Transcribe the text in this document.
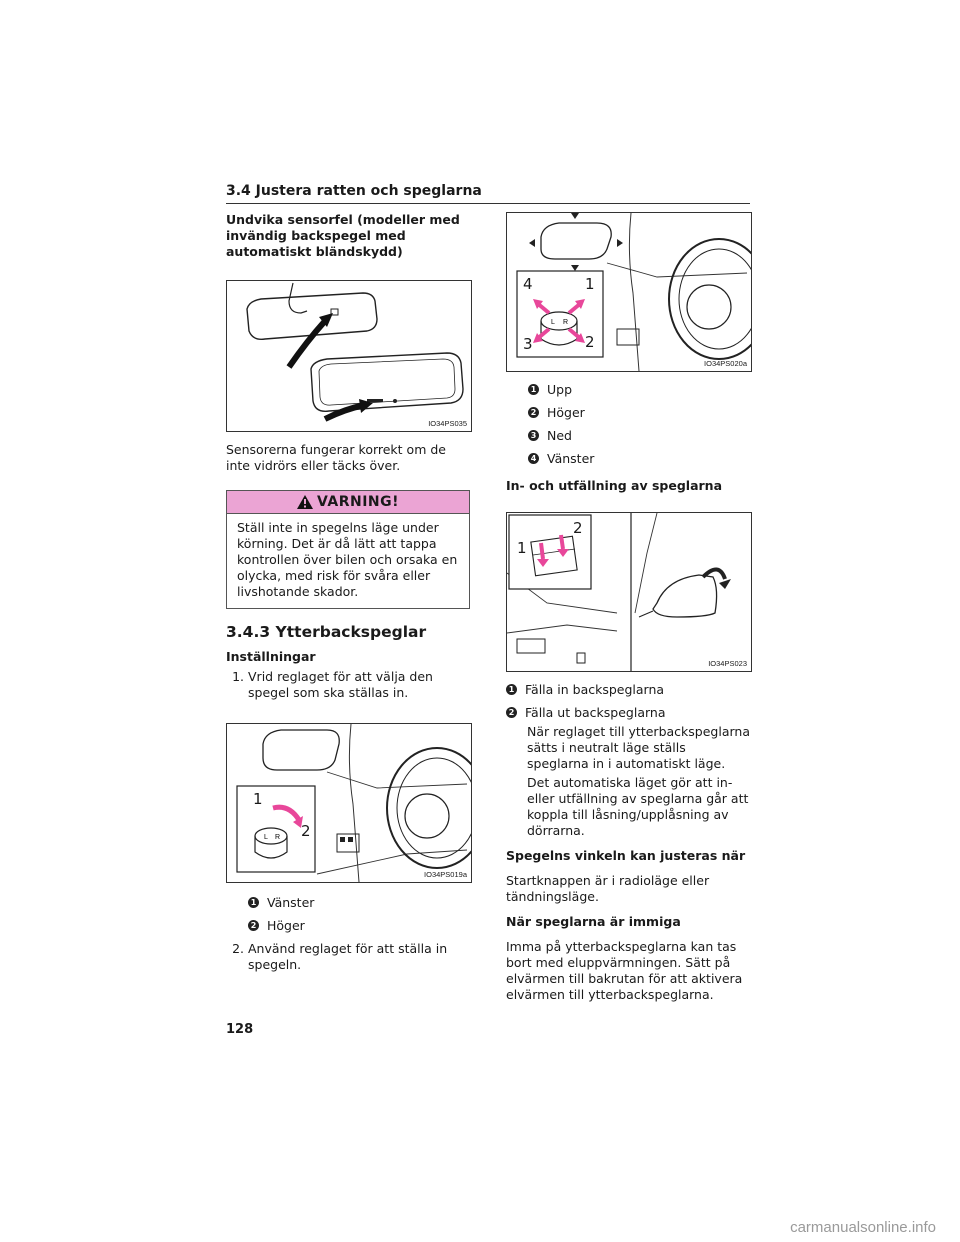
3.4 Justera ratten och speglarna

Undvika sensorfel (modeller med invändig backspegel med automatiskt bländskydd)

IO34PS035

Sensorerna fungerar korrekt om de inte vidrörs eller täcks över.

VARNING!
Ställ inte in spegelns läge under körning. Det är då lätt att tappa kontrollen över bilen och orsaka en olycka, med risk för svåra eller livshotande skador.
3.4.3 Ytterbackspeglar

Inställningar

1. Vrid reglaget för att välja den spegel som ska ställas in.
L R
1
2
IO34PS019a
1 Vänster
2 Höger
2. Använd reglaget för att ställa in spegeln.
L R
4	1
3	2
IO34PS020a
1 Upp
2 Höger
3 Ned
4 Vänster

In- och utfällning av speglarna

1
2
IO34PS023
1 Fälla in backspeglarna
2 Fälla ut backspeglarna

När reglaget till ytterbackspeglarna sätts i neutralt läge ställs speglarna in i automatiskt läge.

Det automatiska läget gör att in- eller utfällning av speglarna går att koppla till låsning/upplåsning av dörrarna.

Spegelns vinkeln kan justeras när

Startknappen är i radioläge eller tändningsläge.

När speglarna är immiga

Imma på ytterbackspeglarna kan tas bort med eluppvärmningen. Sätt på elvärmen till bakrutan för att aktivera elvärmen till ytterbackspeglarna.

128
carmanualsonline.info
